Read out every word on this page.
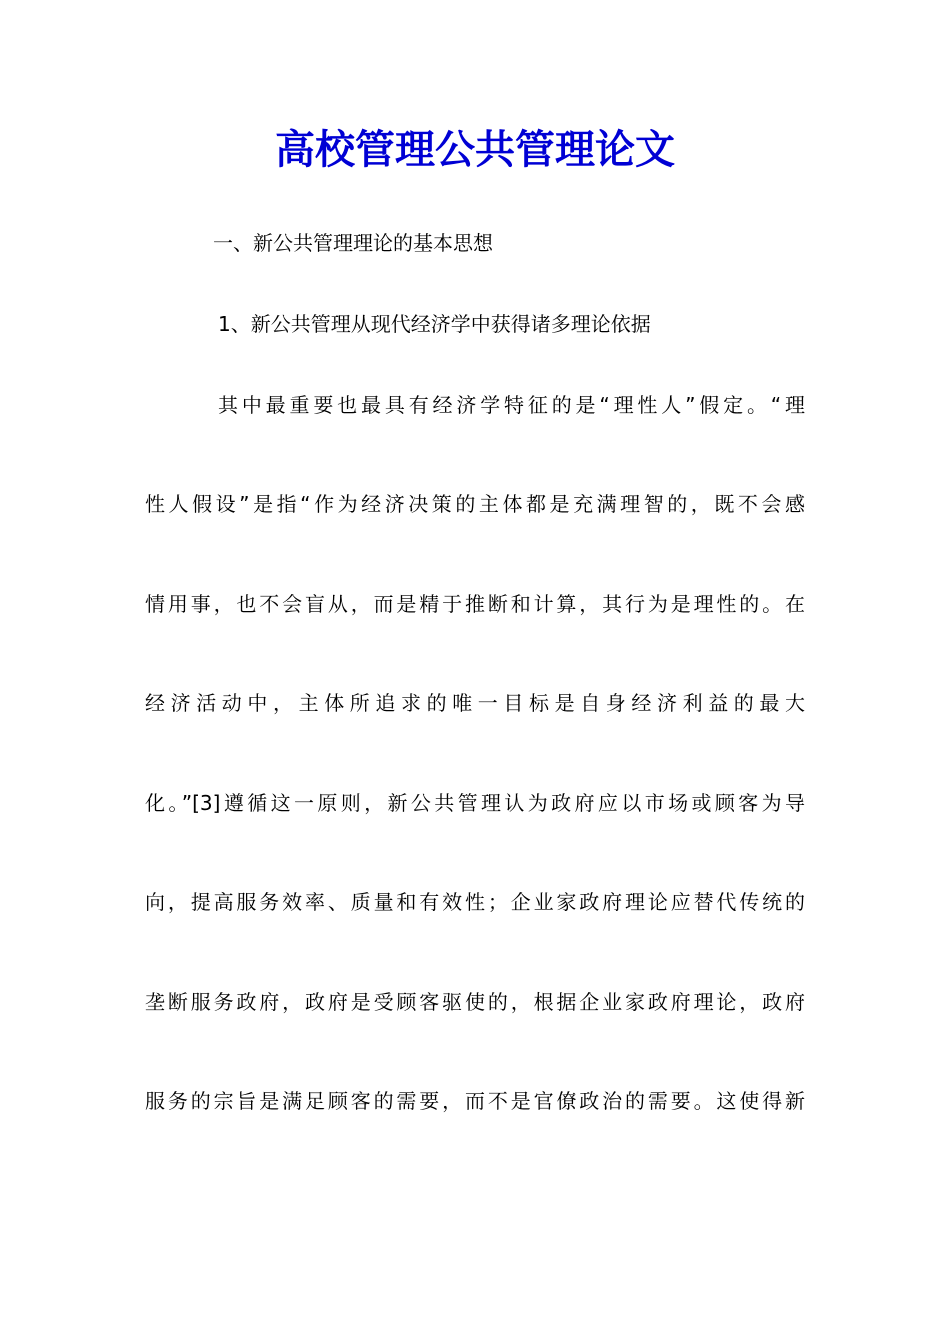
高校管理公共管理论文

一、新公共管理理论的基本思想

1、新公共管理从现代经济学中获得诸多理论依据

其中最重要也最具有经济学特征的是“理性人”假定。“理

性人假设”是指“作为经济决策的主体都是充满理智的，既不会感

情用事，也不会盲从，而是精于推断和计算，其行为是理性的。在

经济活动中，主体所追求的唯一目标是自身经济利益的最大

化。”[3]遵循这一原则，新公共管理认为政府应以市场或顾客为导

向，提高服务效率、质量和有效性；企业家政府理论应替代传统的

垄断服务政府，政府是受顾客驱使的，根据企业家政府理论，政府

服务的宗旨是满足顾客的需要，而不是官僚政治的需要。这使得新
